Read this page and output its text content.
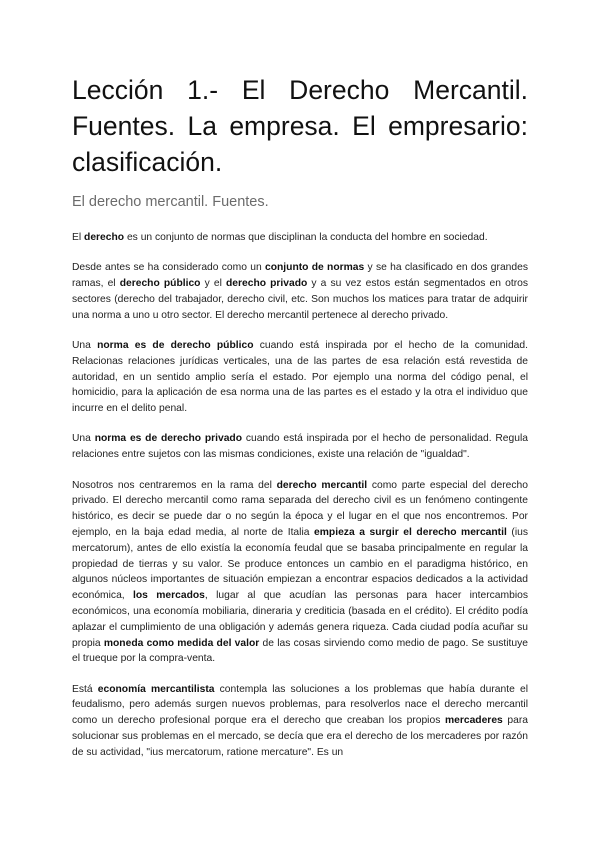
Lección 1.- El Derecho Mercantil. Fuentes. La empresa. El empresario: clasificación.
El derecho mercantil. Fuentes.

El derecho es un conjunto de normas que disciplinan la conducta del hombre en sociedad.

Desde antes se ha considerado como un conjunto de normas y se ha clasificado en dos grandes ramas, el derecho público y el derecho privado y a su vez estos están segmentados en otros sectores (derecho del trabajador, derecho civil, etc. Son muchos los matices para tratar de adquirir una norma a uno u otro sector. El derecho mercantil pertenece al derecho privado.

Una norma es de derecho público cuando está inspirada por el hecho de la comunidad. Relacionas relaciones jurídicas verticales, una de las partes de esa relación está revestida de autoridad, en un sentido amplio sería el estado. Por ejemplo una norma del código penal, el homicidio, para la aplicación de esa norma una de las partes es el estado y la otra el individuo que incurre en el delito penal.

Una norma es de derecho privado cuando está inspirada por el hecho de personalidad. Regula relaciones entre sujetos con las mismas condiciones, existe una relación de "igualdad".

Nosotros nos centraremos en la rama del derecho mercantil como parte especial del derecho privado. El derecho mercantil como rama separada del derecho civil es un fenómeno contingente histórico, es decir se puede dar o no según la época y el lugar en el que nos encontremos. Por ejemplo, en la baja edad media, al norte de Italia empieza a surgir el derecho mercantil (ius mercatorum), antes de ello existía la economía feudal que se basaba principalmente en regular la propiedad de tierras y su valor. Se produce entonces un cambio en el paradigma histórico, en algunos núcleos importantes de situación empiezan a encontrar espacios dedicados a la actividad económica, los mercados, lugar al que acudían las personas para hacer intercambios económicos, una economía mobiliaria, dineraria y crediticia (basada en el crédito). El crédito podía aplazar el cumplimiento de una obligación y además genera riqueza. Cada ciudad podía acuñar su propia moneda como medida del valor de las cosas sirviendo como medio de pago. Se sustituye el trueque por la compra-venta.

Está economía mercantilista contempla las soluciones a los problemas que había durante el feudalismo, pero además surgen nuevos problemas, para resolverlos nace el derecho mercantil como un derecho profesional porque era el derecho que creaban los propios mercaderes para solucionar sus problemas en el mercado, se decía que era el derecho de los mercaderes por razón de su actividad, "ius mercatorum, ratione mercature". Es un
